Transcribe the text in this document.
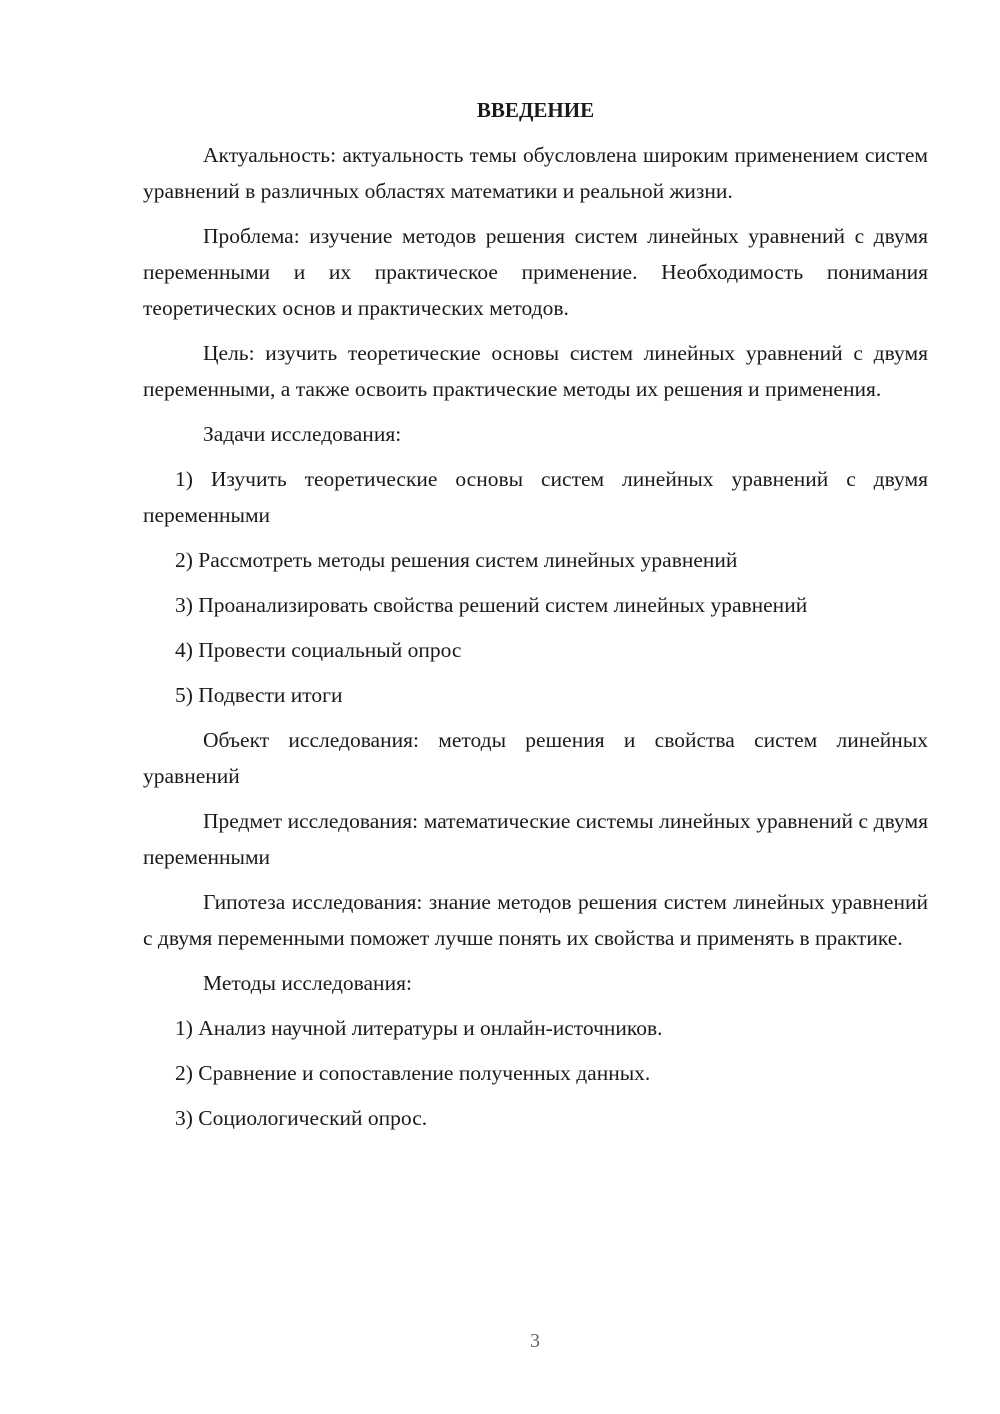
ВВЕДЕНИЕ

Актуальность: актуальность темы обусловлена широким применением систем уравнений в различных областях математики и реальной жизни.

Проблема: изучение методов решения систем линейных уравнений с двумя переменными и их практическое применение. Необходимость понимания теоретических основ и практических методов.

Цель: изучить теоретические основы систем линейных уравнений с двумя переменными, а также освоить практические методы их решения и применения.

Задачи исследования:

1) Изучить теоретические основы систем линейных уравнений с двумя переменными

2) Рассмотреть методы решения систем линейных уравнений

3) Проанализировать свойства решений систем линейных уравнений

4) Провести социальный опрос

5) Подвести итоги

Объект исследования: методы решения и свойства систем линейных уравнений

Предмет исследования: математические системы линейных уравнений с двумя переменными

Гипотеза исследования: знание методов решения систем линейных уравнений с двумя переменными поможет лучше понять их свойства и применять в практике.

Методы исследования:

1) Анализ научной литературы и онлайн-источников.

2) Сравнение и сопоставление полученных данных.

3) Социологический опрос.

3
